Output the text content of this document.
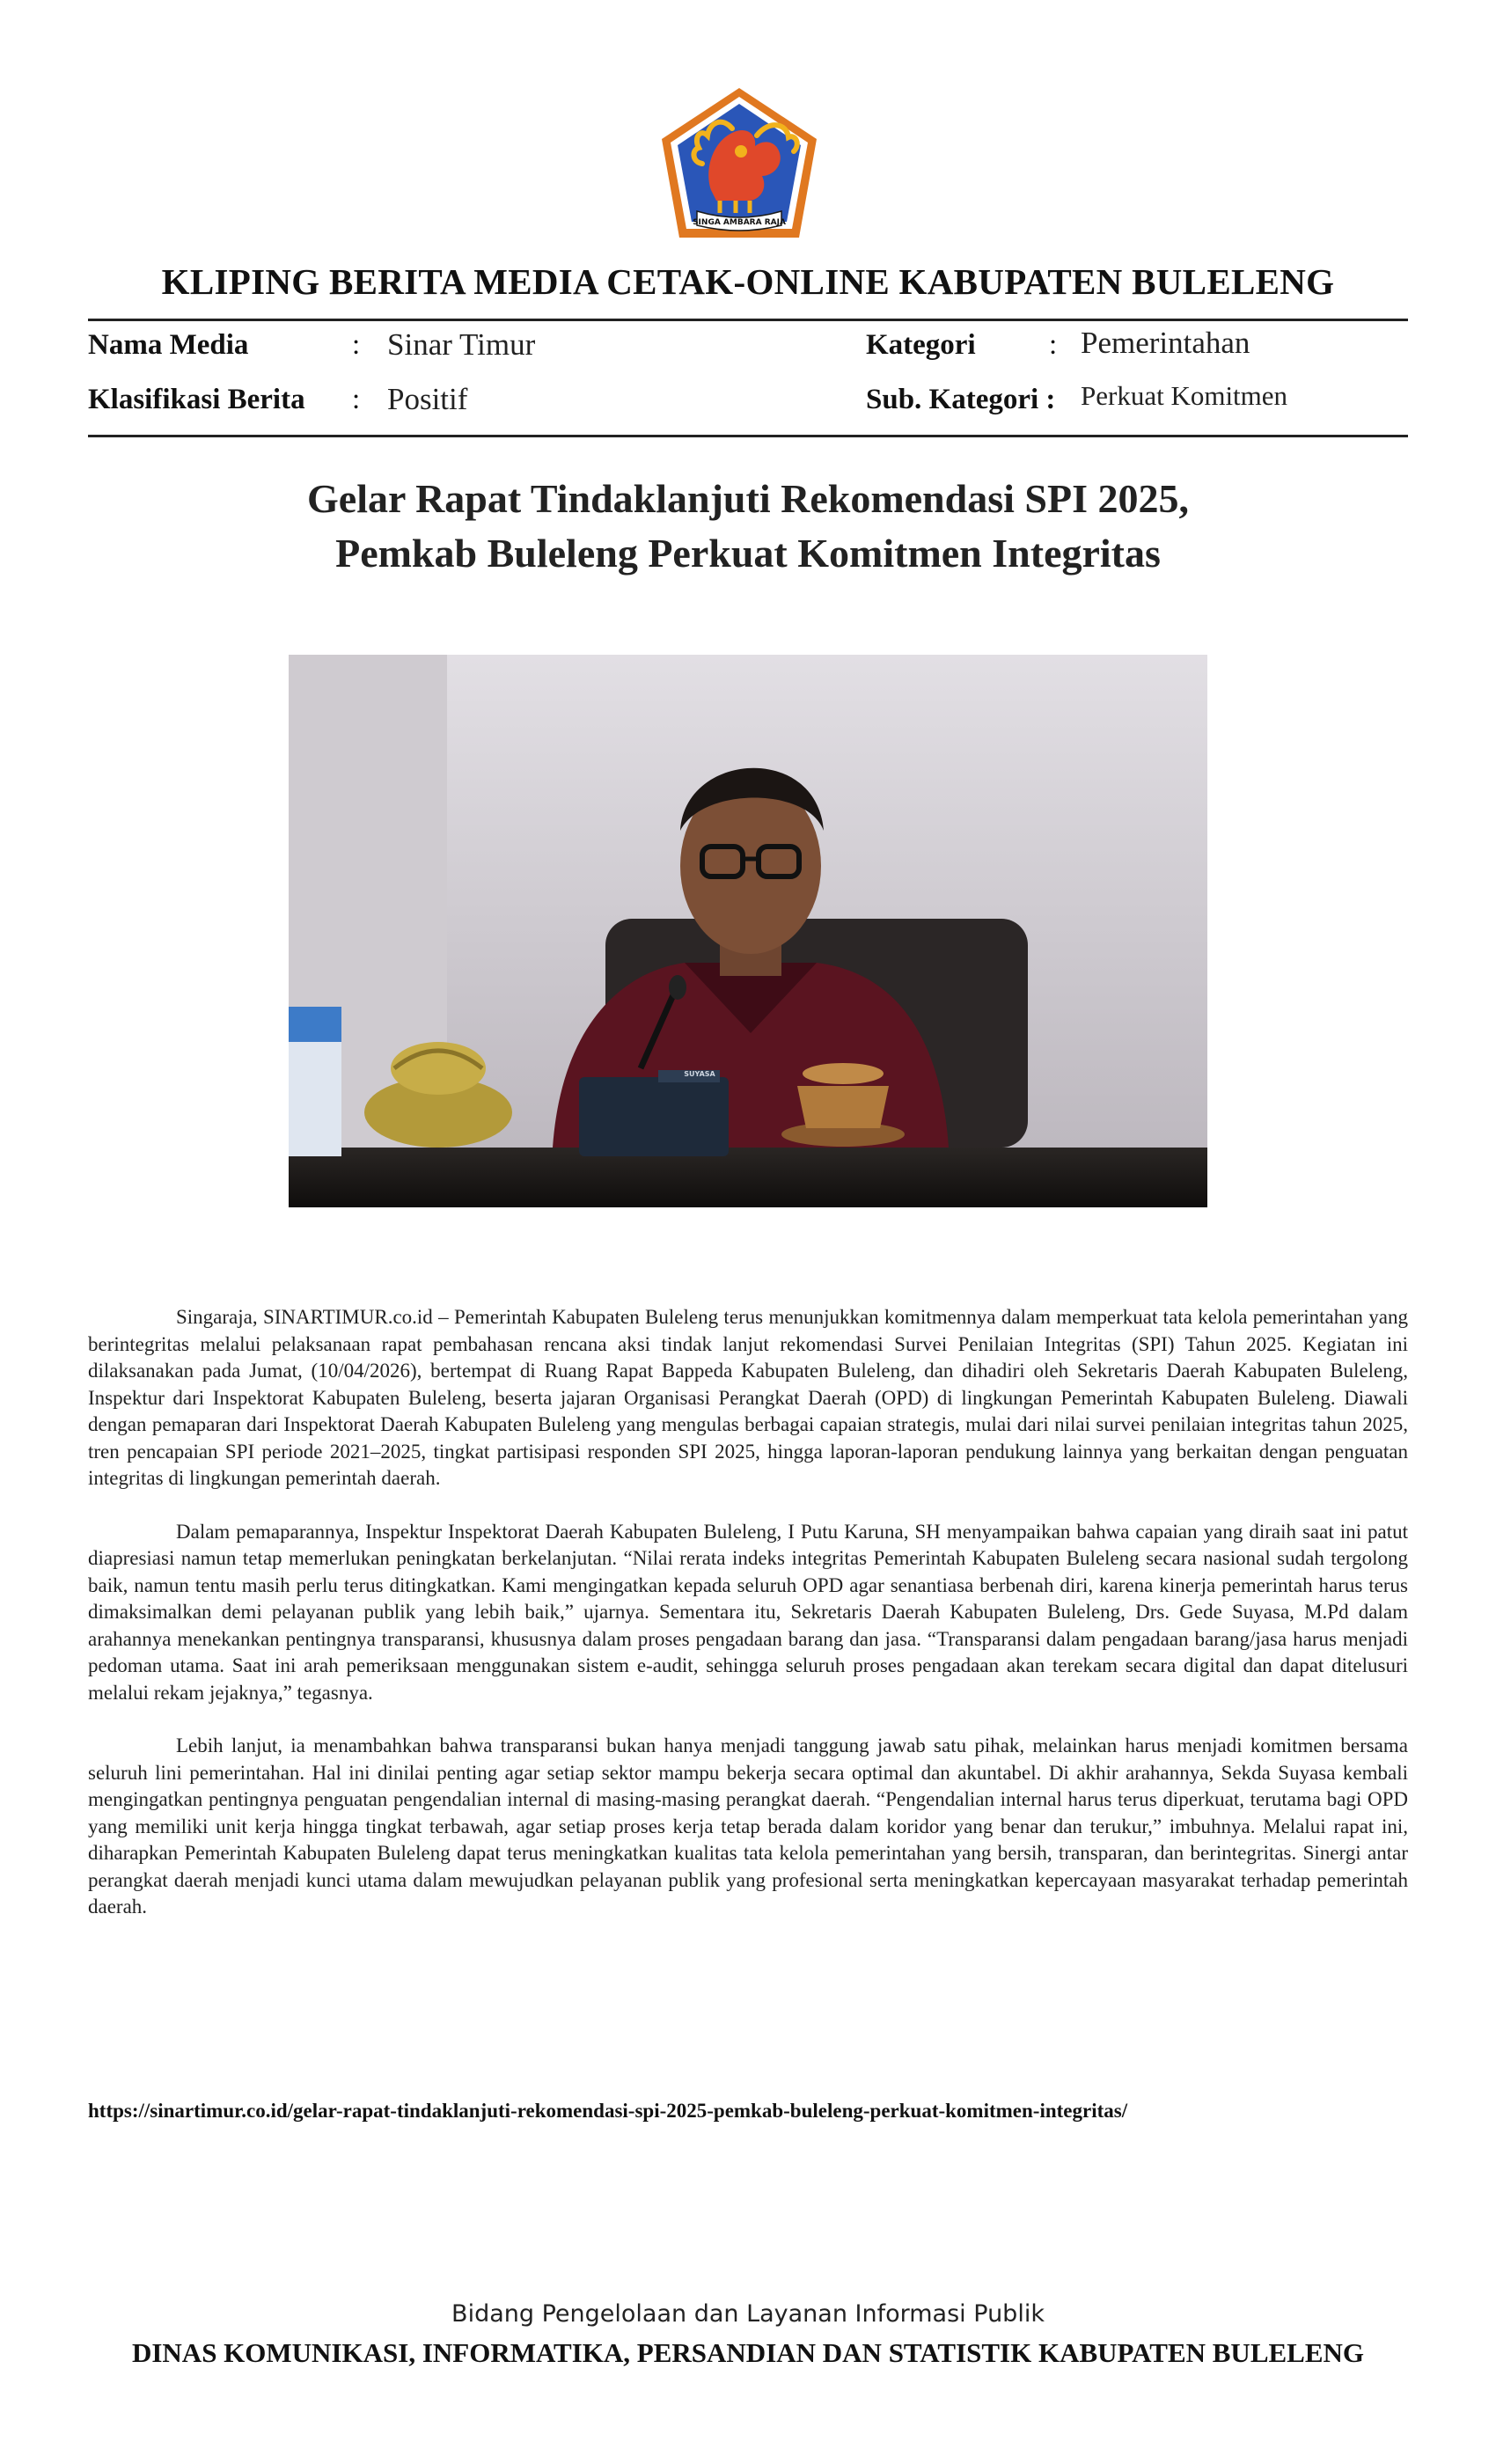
SINGA AMBARA RAJA
KLIPING BERITA MEDIA CETAK-ONLINE KABUPATEN BULELENG
Nama Media	: Sinar Timur	Kategori	: Pemerintahan
Klasifikasi Berita : Positif	Sub. Kategori : Perkuat Komitmen
Gelar Rapat Tindaklanjuti Rekomendasi SPI 2025,
Pemkab Buleleng Perkuat Komitmen Integritas
SUYASA

Singaraja, SINARTIMUR.co.id – Pemerintah Kabupaten Buleleng terus menunjukkan komitmennya dalam memperkuat tata kelola pemerintahan yang berintegritas melalui pelaksanaan rapat pembahasan rencana aksi tindak lanjut rekomendasi Survei Penilaian Integritas (SPI) Tahun 2025. Kegiatan ini dilaksanakan pada Jumat, (10/04/2026), bertempat di Ruang Rapat Bappeda Kabupaten Buleleng, dan dihadiri oleh Sekretaris Daerah Kabupaten Buleleng, Inspektur dari Inspektorat Kabupaten Buleleng, beserta jajaran Organisasi Perangkat Daerah (OPD) di lingkungan Pemerintah Kabupaten Buleleng. Diawali dengan pemaparan dari Inspektorat Daerah Kabupaten Buleleng yang mengulas berbagai capaian strategis, mulai dari nilai survei penilaian integritas tahun 2025, tren pencapaian SPI periode 2021–2025, tingkat partisipasi responden SPI 2025, hingga laporan-laporan pendukung lainnya yang berkaitan dengan penguatan integritas di lingkungan pemerintah daerah.

Dalam pemaparannya, Inspektur Inspektorat Daerah Kabupaten Buleleng, I Putu Karuna, SH menyampaikan bahwa capaian yang diraih saat ini patut diapresiasi namun tetap memerlukan peningkatan berkelanjutan. “Nilai rerata indeks integritas Pemerintah Kabupaten Buleleng secara nasional sudah tergolong baik, namun tentu masih perlu terus ditingkatkan. Kami mengingatkan kepada seluruh OPD agar senantiasa berbenah diri, karena kinerja pemerintah harus terus dimaksimalkan demi pelayanan publik yang lebih baik,” ujarnya. Sementara itu, Sekretaris Daerah Kabupaten Buleleng, Drs. Gede Suyasa, M.Pd dalam arahannya menekankan pentingnya transparansi, khususnya dalam proses pengadaan barang dan jasa. “Transparansi dalam pengadaan barang/jasa harus menjadi pedoman utama. Saat ini arah pemeriksaan menggunakan sistem e-audit, sehingga seluruh proses pengadaan akan terekam secara digital dan dapat ditelusuri melalui rekam jejaknya,” tegasnya.

Lebih lanjut, ia menambahkan bahwa transparansi bukan hanya menjadi tanggung jawab satu pihak, melainkan harus menjadi komitmen bersama seluruh lini pemerintahan. Hal ini dinilai penting agar setiap sektor mampu bekerja secara optimal dan akuntabel. Di akhir arahannya, Sekda Suyasa kembali mengingatkan pentingnya penguatan pengendalian internal di masing-masing perangkat daerah. “Pengendalian internal harus terus diperkuat, terutama bagi OPD yang memiliki unit kerja hingga tingkat terbawah, agar setiap proses kerja tetap berada dalam koridor yang benar dan terukur,” imbuhnya. Melalui rapat ini, diharapkan Pemerintah Kabupaten Buleleng dapat terus meningkatkan kualitas tata kelola pemerintahan yang bersih, transparan, dan berintegritas. Sinergi antar perangkat daerah menjadi kunci utama dalam mewujudkan pelayanan publik yang profesional serta meningkatkan kepercayaan masyarakat terhadap pemerintah daerah.

https://sinartimur.co.id/gelar-rapat-tindaklanjuti-rekomendasi-spi-2025-pemkab-buleleng-perkuat-komitmen-integritas/
Bidang Pengelolaan dan Layanan Informasi Publik
DINAS KOMUNIKASI, INFORMATIKA, PERSANDIAN DAN STATISTIK KABUPATEN BULELENG
